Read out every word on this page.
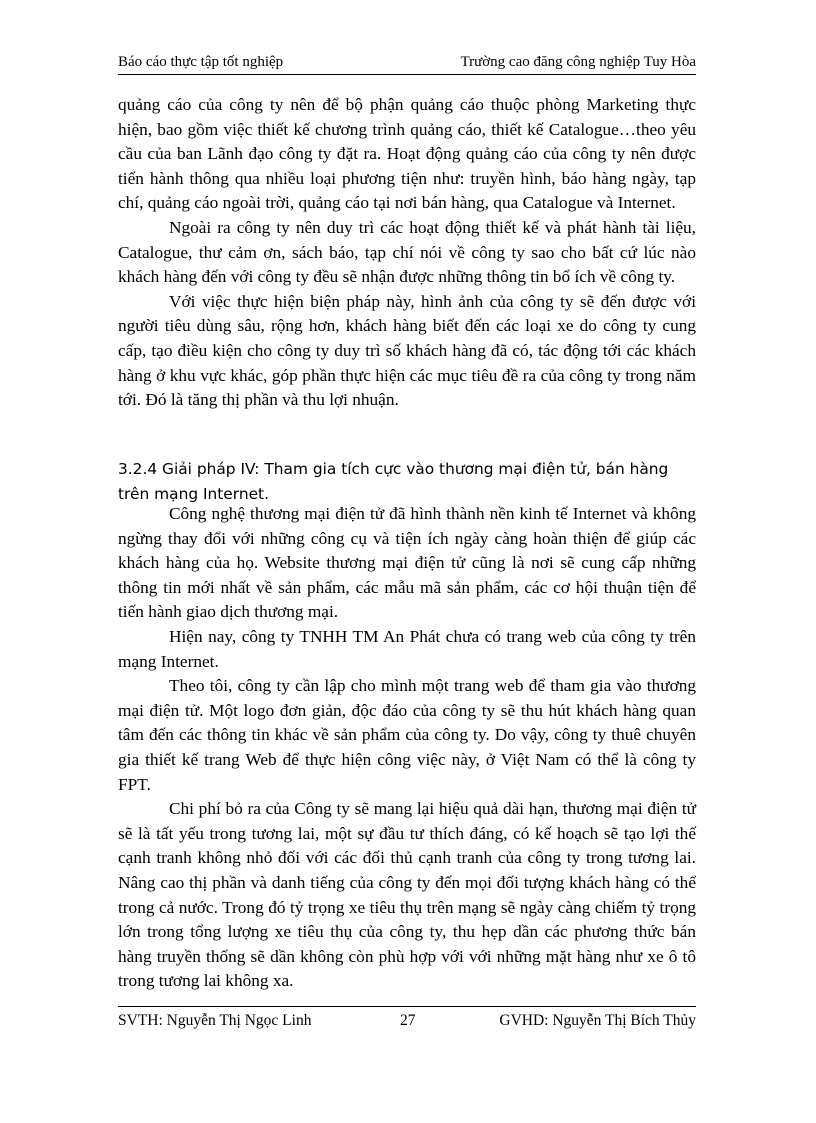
Báo cáo thực tập tốt nghiệp	Trường cao đăng công nghiệp Tuy Hòa

quảng cáo của công ty nên để bộ phận quảng cáo thuộc phòng Marketing thực hiện, bao gồm việc thiết kế chương trình quảng cáo, thiết kế Catalogue…theo yêu cầu của ban Lãnh đạo công ty đặt ra. Hoạt động quảng cáo của công ty nên được tiến hành thông qua nhiều loại phương tiện như: truyền hình, báo hàng ngày, tạp chí, quảng cáo ngoài trời, quảng cáo tại nơi bán hàng, qua Catalogue và Internet.

Ngoài ra công ty nên duy trì các hoạt động thiết kế và phát hành tài liệu, Catalogue, thư cảm ơn, sách báo, tạp chí nói về công ty sao cho bất cứ lúc nào khách hàng đến với công ty đều sẽ nhận được những thông tin bổ ích về công ty.

Với việc thực hiện biện pháp này, hình ảnh của công ty sẽ đến được với người tiêu dùng sâu, rộng hơn, khách hàng biết đến các loại xe do công ty cung cấp, tạo điều kiện cho công ty duy trì số khách hàng đã có, tác động tới các khách hàng ở khu vực khác, góp phần thực hiện các mục tiêu đề ra của công ty trong năm tới. Đó là tăng thị phần và thu lợi nhuận.

3.2.4 Giải pháp IV: Tham gia tích cực vào thương mại điện tử, bán hàng trên mạng Internet.

Công nghệ thương mại điện tử đã hình thành nền kinh tế Internet và không ngừng thay đổi với những công cụ và tiện ích ngày càng hoàn thiện để giúp các khách hàng của họ. Website thương mại điện tử cũng là nơi sẽ cung cấp những thông tin mới nhất về sản phẩm, các mẫu mã sản phẩm, các cơ hội thuận tiện để tiến hành giao dịch thương mại.

Hiện nay, công ty TNHH TM An Phát chưa có trang web của công ty trên mạng Internet.

Theo tôi, công ty cần lập cho mình một trang web để tham gia vào thương mại điện tử. Một logo đơn giản, độc đáo của công ty sẽ thu hút khách hàng quan tâm đến các thông tin khác về sản phẩm của công ty. Do vậy, công ty thuê chuyên gia thiết kế trang Web để thực hiện công việc này, ở Việt Nam có thể là công ty FPT.

Chi phí bỏ ra của Công ty sẽ mang lại hiệu quả dài hạn, thương mại điện tử sẽ là tất yếu trong tương lai, một sự đầu tư thích đáng, có kế hoạch sẽ tạo lợi thế cạnh tranh không nhỏ đối với các đối thủ cạnh tranh của công ty trong tương lai. Nâng cao thị phần và danh tiếng của công ty đến mọi đối tượng khách hàng có thể trong cả nước. Trong đó tỷ trọng xe tiêu thụ trên mạng sẽ ngày càng chiếm tỷ trọng lớn trong tổng lượng xe tiêu thụ của công ty, thu hẹp dần các phương thức bán hàng truyền thống sẽ dần không còn phù hợp với với những mặt hàng như xe ô tô trong tương lai không xa.

SVTH: Nguyễn Thị Ngọc Linh	27	GVHD: Nguyễn Thị Bích Thủy
